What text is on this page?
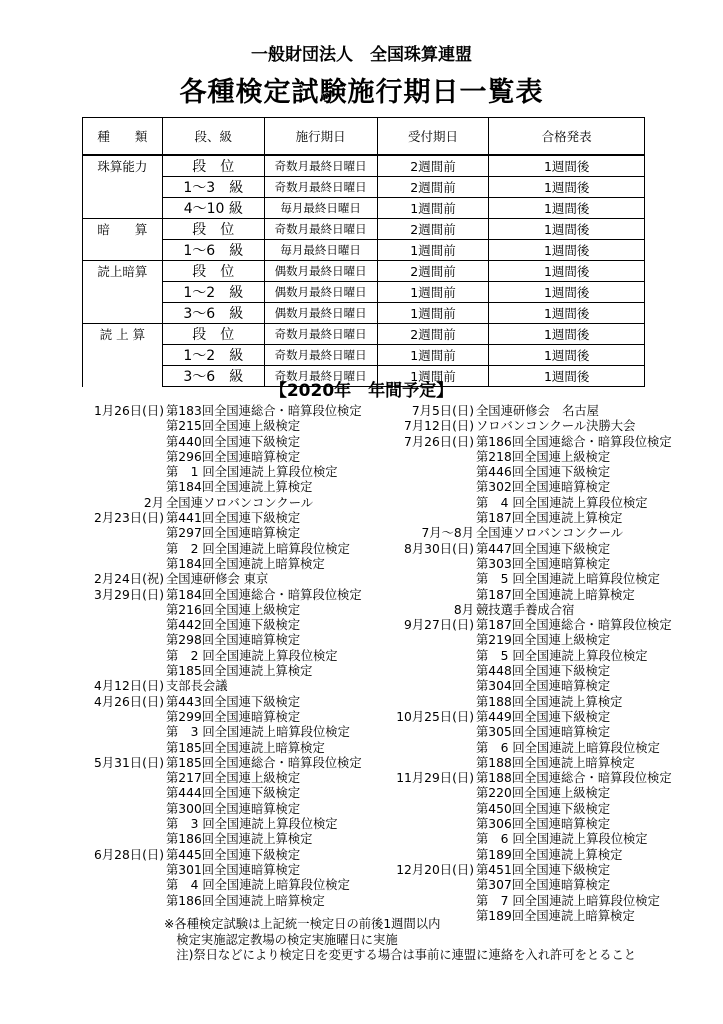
一般財団法人　全国珠算連盟
各種検定試験施行期日一覧表
種　　類	段、級	施行期日	受付期日	合格発表
珠算能力	段　位	奇数月最終日曜日	2週間前	1週間後
	1〜3　級	奇数月最終日曜日	2週間前	1週間後
	4〜10 級	毎月最終日曜日	1週間前	1週間後
暗　　算	段　位	奇数月最終日曜日	2週間前	1週間後
	1〜6　級	毎月最終日曜日	1週間前	1週間後
読上暗算	段　位	偶数月最終日曜日	2週間前	1週間後
	1〜2　級	偶数月最終日曜日	1週間前	1週間後
	3〜6　級	偶数月最終日曜日	1週間前	1週間後
読 上 算	段　位	奇数月最終日曜日	2週間前	1週間後
	1〜2　級	奇数月最終日曜日	1週間前	1週間後
	3〜6　級	奇数月最終日曜日	1週間前	1週間後
【2020年　年間予定】
1月26日(日) 第183回全国連総合・暗算段位検定
第215回全国連上級検定
第440回全国連下級検定
第296回全国連暗算検定
第　1 回全国連読上算段位検定
第184回全国連読上算検定
2月 全国連ソロバンコンクール
2月23日(日) 第441回全国連下級検定
第297回全国連暗算検定
第　2 回全国連読上暗算段位検定
第184回全国連読上暗算検定
2月24日(祝) 全国連研修会 東京
3月29日(日) 第184回全国連総合・暗算段位検定
第216回全国連上級検定
第442回全国連下級検定
第298回全国連暗算検定
第　2 回全国連読上算段位検定
第185回全国連読上算検定
4月12日(日) 支部長会議
4月26日(日) 第443回全国連下級検定
第299回全国連暗算検定
第　3 回全国連読上暗算段位検定
第185回全国連読上暗算検定
5月31日(日) 第185回全国連総合・暗算段位検定
第217回全国連上級検定
第444回全国連下級検定
第300回全国連暗算検定
第　3 回全国連読上算段位検定
第186回全国連読上算検定
6月28日(日) 第445回全国連下級検定
第301回全国連暗算検定
第　4 回全国連読上暗算段位検定
第186回全国連読上暗算検定
7月5日(日) 全国連研修会　名古屋
7月12日(日) ソロバンコンクール決勝大会
7月26日(日) 第186回全国連総合・暗算段位検定
第218回全国連上級検定
第446回全国連下級検定
第302回全国連暗算検定
第　4 回全国連読上算段位検定
第187回全国連読上算検定
7月〜8月 全国連ソロバンコンクール
8月30日(日) 第447回全国連下級検定
第303回全国連暗算検定
第　5 回全国連読上暗算段位検定
第187回全国連読上暗算検定
8月 競技選手養成合宿
9月27日(日) 第187回全国連総合・暗算段位検定
第219回全国連上級検定
第　5 回全国連読上算段位検定
第448回全国連下級検定
第304回全国連暗算検定
第188回全国連読上算検定
10月25日(日) 第449回全国連下級検定
第305回全国連暗算検定
第　6 回全国連読上暗算段位検定
第188回全国連読上暗算検定
11月29日(日) 第188回全国連総合・暗算段位検定
第220回全国連上級検定
第450回全国連下級検定
第306回全国連暗算検定
第　6 回全国連読上算段位検定
第189回全国連読上算検定
12月20日(日) 第451回全国連下級検定
第307回全国連暗算検定
第　7 回全国連読上暗算段位検定
第189回全国連読上暗算検定
※各種検定試験は上記統一検定日の前後1週間以内
　検定実施認定教場の検定実施曜日に実施
　注)祭日などにより検定日を変更する場合は事前に連盟に連絡を入れ許可をとること
